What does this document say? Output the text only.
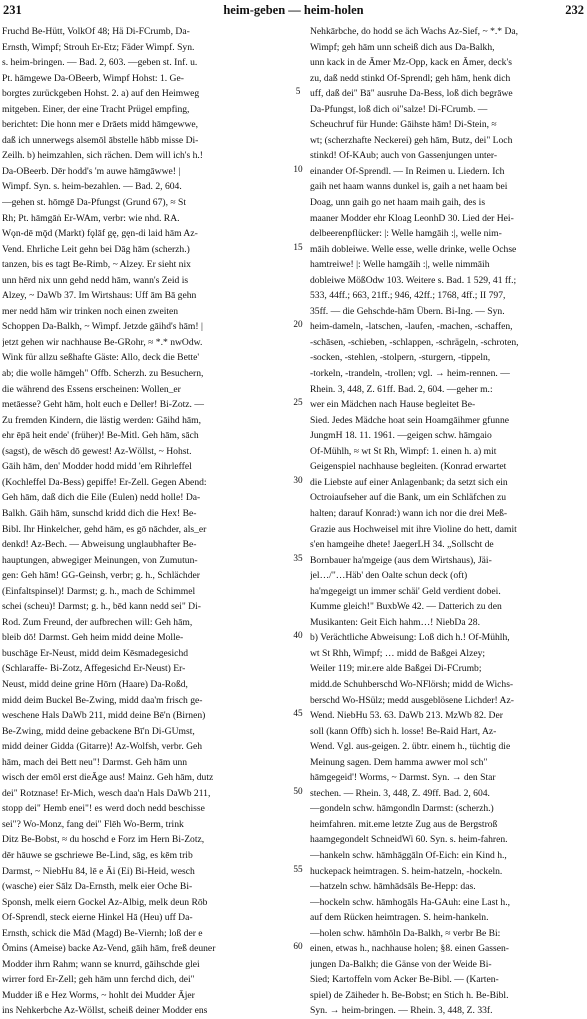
231	heim-geben — heim-holen	232
Fruchd Be-Hütt, VolkOf 48; Hä Di-FCrumb, Da-
Ernsth, Wimpf; Strouh Er-Etz; Fäder Wimpf. Syn.
s. heim-bringen. — Bad. 2, 603. —geben st. Inf. u.
Pt. hāmgewe Da-OBeerb, Wimpf Hohst: 1. Ge-
borgtes zurückgeben Hohst. 2. a) auf den Heimweg
mitgeben. Einer, der eine Tracht Prügel empfing,
berichtet: Die honn mer e Drāets midd hāmgewwe,
daß ich unnerwegs alsemōl ābstelle hābb misse Di-
Zeilh. b) heimzahlen, sich rächen. Dem will ich's h.!
Da-OBeerb. Dēr hodd's 'm auwe hāmgāwwe! |
Wimpf. Syn. s. heim-bezahlen. — Bad. 2, 604.
—gehen st. hōmgē Da-Pfungst (Grund 67), ≈ St
Rh; Pt. hāmgāṅ Er-WAm, verbr: wie nhd. RA.
Wǫn-dē mǭd (Markt) fǫlāf gę, gęn-di laid hām Az-
Vend. Ehrliche Leit gehn bei Dāg hām (scherzh.)
tanzen, bis es tagt Be-Rimb, ~ Alzey. Er sieht nix
unn hērd nix unn gehd nedd hām, wann's Zeid is
Alzey, ~ DaWb 37. Im Wirtshaus: Uff ām Bā gehn
mer nedd hām wir trinken noch einen zweiten
Schoppen Da-Balkh, ~ Wimpf. Jetzde gāihd's hām! |
jetzt gehen wir nachhause Be-GRohr, ≈ *.* nwOdw.
Wink für allzu seßhafte Gäste: Allo, deck die Bette'
ab; die wolle hāmgeh" Offb. Scherzh. zu Besuchern,
die während des Essens erscheinen: Wollen_er
metāesse? Geht hām, holt euch e Deller! Bi-Zotz. —
Zu fremden Kindern, die lästig werden: Gāihd hām,
ehr ēpā heit ende' (früher)! Be-Mitl. Geh hām, sāch
(sagst), de wēsch dō gewest! Az-Wöllst, ~ Hohst.
Gāih hām, den' Modder hodd midd 'em Rihrleffel
(Kochleffel Da-Bess) gepiffe! Er-Zell. Gegen Abend:
Geh hām, daß dich die Eile (Eulen) nedd holle! Da-
Balkh. Gāih hām, sunschd kridd dich die Hex! Be-
Bibl. Ihr Hinkelcher, gehd hām, es gō nāchder, als_er
denkd! Az-Bech. — Abweisung unglaubhafter Be-
hauptungen, abwegiger Meinungen, von Zumutun-
gen: Geh hām! GG-Geinsh, verbr; g. h., Schlächder
(Einfaltspinsel)! Darmst; g. h., mach de Schimmel
schei (scheu)! Darmst; g. h., bēd kann nedd sei" Di-
Rod. Zum Freund, der aufbrechen will: Geh hām,
bleib dō! Darmst. Geh heim midd deine Molle-
buschāge Er-Neust, midd deim Kēsmadegesichd
(Schlaraffe- Bi-Zotz, Affegesichd Er-Neust) Er-
Neust, midd deine grine Hōrn (Haare) Da-Roßd,
midd deim Buckel Be-Zwing, midd daa'm frisch ge-
weschene Hals DaWb 211, midd deine Bē'n (Birnen)
Be-Zwing, midd deine gebackene Bī'n Di-GUmst,
midd deiner Gidda (Gitarre)! Az-Wolfsh, verbr. Geh
hām, mach dei Bett neu"! Darmst. Geh hām unn
wisch der emōl erst dieĀge aus! Mainz. Geh hām, dutz
dei" Rotznase! Er-Mich, wesch daa'n Hals DaWb 211,
stopp dei" Hemb enei"! es werd doch nedd beschisse
sei"? Wo-Monz, fang dei" Flēh Wo-Berm, trink
Ditz Be-Bobst, ≈ du hoschd e Forz im Hern Bi-Zotz,
dēr hāuwe se gschriewe Be-Lind, sāg, es kēm trib
Darmst, ~ NiebHu 84, lē e Āi (Ei) Bi-Heid, wesch
(wasche) eier Sālz Da-Ernsth, melk eier Oche Bi-
Sponsh, melk eiern Gockel Az-Albig, melk deun Rōb
Of-Sprendl, steck eierne Hinkel Hā (Heu) uff Da-
Ernsth, schick die Mād (Magd) Be-Viernh; loß der e
Ōmins (Ameise) backe Az-Vend, gāih hām, freß deuner
Modder ihrn Rahm; wann se knurrd, gāihschde glei
wirrer ford Er-Zell; geh hām unn ferchd dich, dei"
Mudder iß e Hez Worms, ~ hohlt dei Mudder Ājer
ins Nehkerbche Az-Wöllst, scheiß deiner Modder ens
5
10
15
20
25
30
35
40
45
50
55
60
Nehkārbche, do hodd se äch Wachs Az-Sief, ~ *.* Da,
Wimpf; geh hām unn scheiß dich aus Da-Balkh,
unn kack in de Āmer Mz-Opp, kack en Āmer, deck's
zu, daß nedd stinkd Of-Sprendl; geh hām, henk dich
uff, daß dei" Bā" ausruhe Da-Bess, loß dich begrāwe
Da-Pfungst, loß dich oi"salze! Di-FCrumb. —
Scheuchruf für Hunde: Gāihste hām! Di-Stein, ≈
wt; (scherzhafte Neckerei) geh hām, Butz, dei" Loch
stinkd! Of-KAub; auch von Gassenjungen unter-
einander Of-Sprendl. — In Reimen u. Liedern. Ich
gaih net haam wanns dunkel is, gaih a net haam bei
Doag, unn gaih go net haam maih gaih, des is
maaner Modder ehr Kloag LeonhD 30. Lied der Hei-
delbeerenpflücker: |: Welle hamgāih :|, welle nim-
māih dobleiwe. Welle esse, welle drinke, welle Ochse
hamtreiwe! |: Welle hamgāih :|, welle nimmāih
dobleiwe MößOdw 103. Weitere s. Bad. 1 529, 41 ff.;
533, 44ff.; 663, 21ff.; 946, 42ff.; 1768, 4ff.; II 797,
35ff. — die Gehschde-hām Übern. Bi-Ing. — Syn.
heim-dameln, -latschen, -laufen, -machen, -schaffen,
-schāsen, -schieben, -schlappen, -schrägeln, -schroten,
-socken, -stehlen, -stolpern, -sturgern, -tippeln,
-torkeln, -trandeln, -trollen; vgl. → heim-rennen. —
Rhein. 3, 448, Z. 61ff. Bad. 2, 604. —geher m.:
wer ein Mädchen nach Hause begleitet Be-
Sied. Jedes Mädche hoat sein Hoamgāihmer gfunne
JungmH 18. 11. 1961. —geigen schw. hāmgaio
Of-Mühlh, ≈ wt St Rh, Wimpf: 1. einen h. a) mit
Geigenspiel nachhause begleiten. (Konrad erwartet
die Liebste auf einer Anlagenbank; da setzt sich ein
Octroiaufseher auf die Bank, um ein Schläfchen zu
halten; darauf Konrad:) wann ich nor die drei Meß-
Grazie aus Hochweisel mit ihre Violine do hett, damit
s'en hamgeihe dhete! JaegerLH 34. „Sollscht de
Bornbauer ha'mgeige (aus dem Wirtshaus), Jäi-
jel…/"…Häb' den Oalte schun deck (oft)
ha'mgegeigt un immer schäi' Geld verdient dobei.
Kumme gleich!" BuxbWe 42. — Datterich zu den
Musikanten: Geit Eich hahm…! NiebDa 28.
b) Verächtliche Abweisung: Loß dich h.! Of-Mühlh,
wt St Rhh, Wimpf; … midd de Baßgei Alzey;
Weiler 119; mir.ere alde Baßgei Di-FCrumb;
midd.de Schuhberschd Wo-NFlörsh; midd de Wichs-
berschd Wo-HSülz; medd ausgeblösene Lichder! Az-
Wend. NiebHu 53. 63. DaWb 213. MzWb 82. Der
soll (kann Offb) sich h. losse! Be-Raid Hart, Az-
Wend. Vgl. aus-geigen. 2. übtr. einem h., tüchtig die
Meinung sagen. Dem hamma awwer mol sch"
hāmgegeid'! Worms, ~ Darmst. Syn. → den Star
stechen. — Rhein. 3, 448, Z. 49ff. Bad. 2, 604.
—gondeln schw. hāmgondln Darmst: (scherzh.)
heimfahren. mit.eme letzte Zug aus de Bergstroß
haamgegondelt SchneidWi 60. Syn. s. heim-fahren.
—hankeln schw. hāmhāggāln Of-Eich: ein Kind h.,
huckepack heimtragen. S. heim-hatzeln, -hockeln.
—hatzeln schw. hāmhādsāls Be-Hepp: das.
—hockeln schw. hāmhogāls Ha-GAuh: eine Last h.,
auf dem Rücken heimtragen. S. heim-hankeln.
—holen schw. hāmhōln Da-Balkh, ≈ verbr Be Bi:
einen, etwas h., nachhause holen; §8. einen Gassen-
jungen Da-Balkh; die Gänse von der Weide Bi-
Sied; Kartoffeln vom Acker Be-Bibl. — (Karten-
spiel) de Zāiheder h. Be-Bobst; en Stich h. Be-Bibl.
Syn. → heim-bringen. — Rhein. 3, 448, Z. 33f.
